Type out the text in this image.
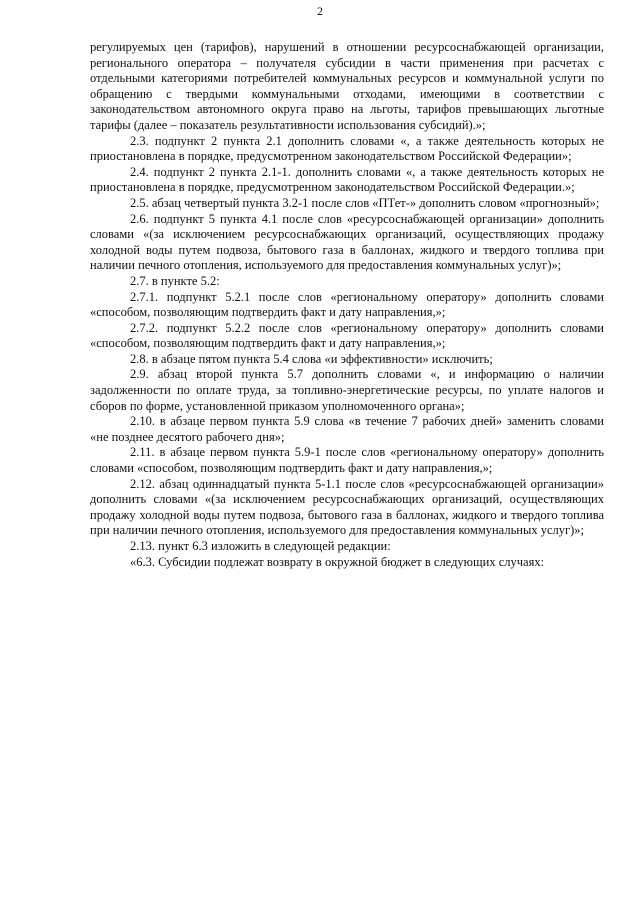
2

регулируемых цен (тарифов), нарушений в отношении ресурсоснабжающей организации, регионального оператора – получателя субсидии в части применения при расчетах с отдельными категориями потребителей коммунальных ресурсов и коммунальной услуги по обращению с твердыми коммунальными отходами, имеющими в соответствии с законодательством автономного округа право на льготы, тарифов превышающих льготные тарифы (далее – показатель результативности использования субсидий).»;

2.3. подпункт 2 пункта 2.1 дополнить словами «, а также деятельность которых не приостановлена в порядке, предусмотренном законодательством Российской Федерации»;

2.4. подпункт 2 пункта 2.1-1. дополнить словами «, а также деятельность которых не приостановлена в порядке, предусмотренном законодательством Российской Федерации.»;

2.5. абзац четвертый пункта 3.2-1 после слов «ПТет-» дополнить словом «прогнозный»;

2.6. подпункт 5 пункта 4.1 после слов «ресурсоснабжающей организации» дополнить словами «(за исключением ресурсоснабжающих организаций, осуществляющих продажу холодной воды путем подвоза, бытового газа в баллонах, жидкого и твердого топлива при наличии печного отопления, используемого для предоставления коммунальных услуг)»;

2.7. в пункте 5.2:

2.7.1. подпункт 5.2.1 после слов «региональному оператору» дополнить словами «способом, позволяющим подтвердить факт и дату направления,»;

2.7.2. подпункт 5.2.2 после слов «региональному оператору» дополнить словами «способом, позволяющим подтвердить факт и дату направления,»;

2.8. в абзаце пятом пункта 5.4 слова «и эффективности» исключить;

2.9. абзац второй пункта 5.7 дополнить словами «, и информацию о наличии задолженности по оплате труда, за топливно-энергетические ресурсы, по уплате налогов и сборов по форме, установленной приказом уполномоченного органа»;

2.10. в абзаце первом пункта 5.9 слова «в течение 7 рабочих дней» заменить словами «не позднее десятого рабочего дня»;

2.11. в абзаце первом пункта 5.9-1 после слов «региональному оператору» дополнить словами «способом, позволяющим подтвердить факт и дату направления,»;

2.12. абзац одиннадцатый пункта 5-1.1 после слов «ресурсоснабжающей организации» дополнить словами «(за исключением ресурсоснабжающих организаций, осуществляющих продажу холодной воды путем подвоза, бытового газа в баллонах, жидкого и твердого топлива при наличии печного отопления, используемого для предоставления коммунальных услуг)»;

2.13. пункт 6.3 изложить в следующей редакции:

«6.3. Субсидии подлежат возврату в окружной бюджет в следующих случаях:
